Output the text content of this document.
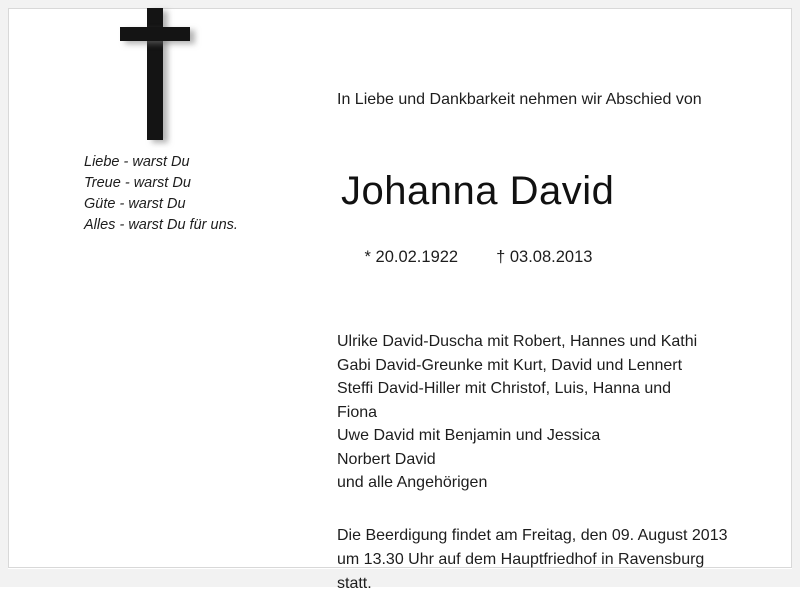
Liebe - warst Du
Treue - warst Du
Güte - warst Du
Alles - warst Du für uns.

In Liebe und Dankbarkeit nehmen wir Abschied von

Johanna David

* 20.02.1922 † 03.08.2013

Ulrike David-Duscha mit Robert, Hannes und Kathi
Gabi David-Greunke mit Kurt, David und Lennert
Steffi David-Hiller mit Christof, Luis, Hanna und Fiona
Uwe David mit Benjamin und Jessica
Norbert David
und alle Angehörigen

Die Beerdigung findet am Freitag, den 09. August 2013 um 13.30 Uhr auf dem Hauptfriedhof in Ravensburg statt.
